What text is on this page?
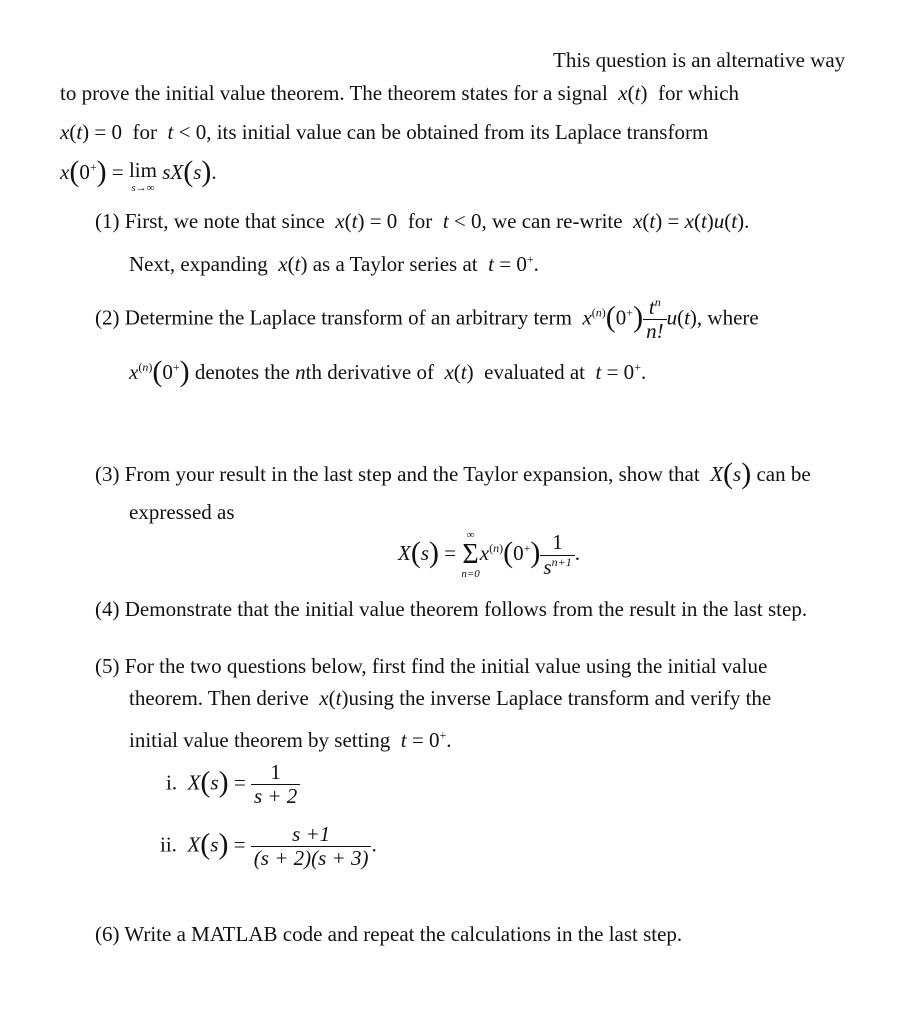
This question is an alternative way
to prove the initial value theorem. The theorem states for a signal  x(t)  for which
x(t) = 0  for  t < 0, its initial value can be obtained from its Laplace transform
x(0+) = lim
s→∞
sX(s).
(1) First, we note that since  x(t) = 0  for  t < 0, we can re-write  x(t) = x(t)u(t).
Next, expanding  x(t) as a Taylor series at  t = 0+.
(2) Determine the Laplace transform of an arbitrary term  $x^{(n)}(0^+) \frac{t^n}{n!} u(t)$, where
$x^{(n)}(0^+)$ denotes the nth derivative of  x(t)  evaluated at  t = 0+.
(3) From your result in the last step and the Taylor expansion, show that  X(s) can be
expressed as
X(s) =
∞
Σ
n=0
$x^{(n)}(0^+) \frac{1}{s^{n+1}}$ .
(4) Demonstrate that the initial value theorem follows from the result in the last step.
(5) For the two questions below, first find the initial value using the initial value
theorem. Then derive  x(t)using the inverse Laplace transform and verify the
initial value theorem by setting  t = 0+.
i. $X(s) = \frac{1}{s + 2}$
ii. $X(s) = \frac{s +1}{(s + 2)(s + 3)}$ .
(6) Write a MATLAB code and repeat the calculations in the last step.
